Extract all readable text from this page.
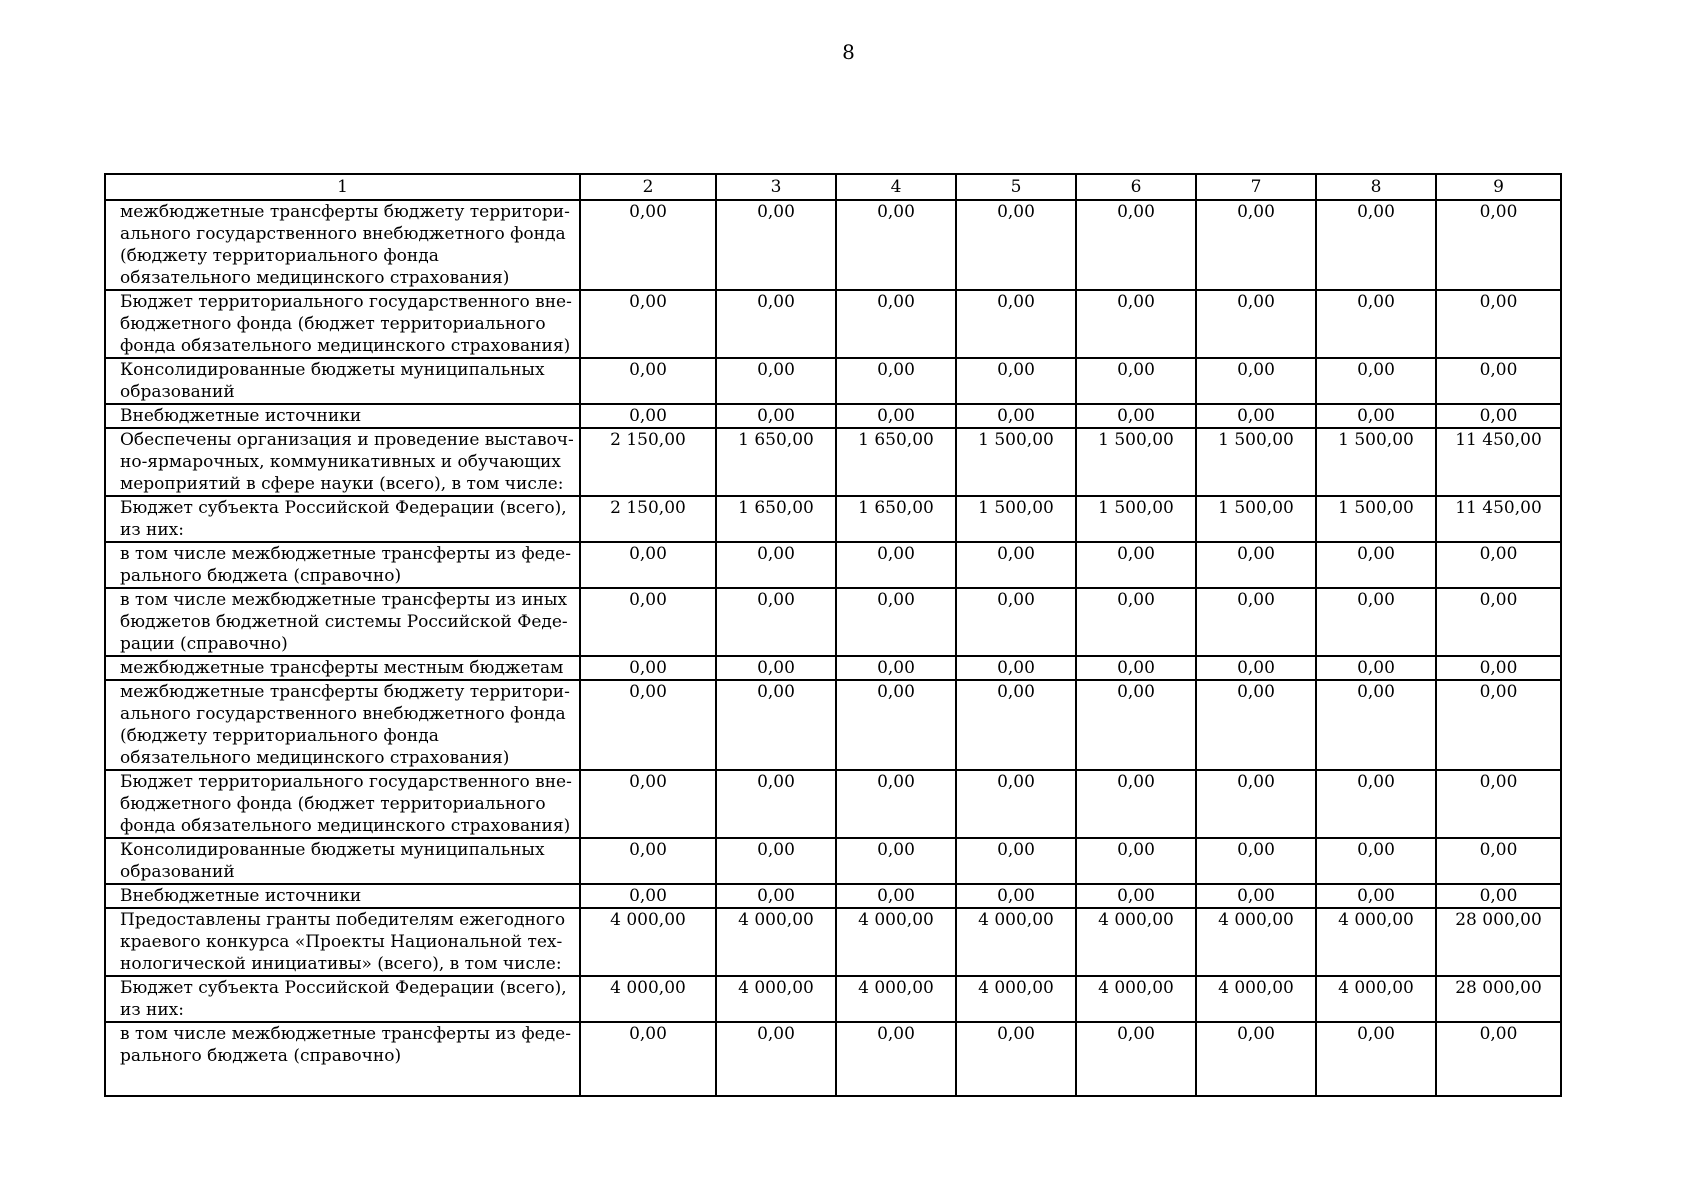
8
1	2	3	4	5	6	7	8	9
межбюджетные трансферты бюджету территори-ального государственного внебюджетного фонда (бюджету территориального фонда обязательного медицинского страхования)	0,00	0,00	0,00	0,00	0,00	0,00	0,00	0,00
Бюджет территориального государственного вне-бюджетного фонда (бюджет территориального фонда обязательного медицинского страхования)	0,00	0,00	0,00	0,00	0,00	0,00	0,00	0,00
Консолидированные бюджеты муниципальных образований	0,00	0,00	0,00	0,00	0,00	0,00	0,00	0,00
Внебюджетные источники	0,00	0,00	0,00	0,00	0,00	0,00	0,00	0,00
Обеспечены организация и проведение выставоч-но-ярмарочных, коммуникативных и обучающих мероприятий в сфере науки (всего), в том числе:	2 150,00	1 650,00	1 650,00	1 500,00	1 500,00	1 500,00	1 500,00	11 450,00
Бюджет субъекта Российской Федерации (всего), из них:	2 150,00	1 650,00	1 650,00	1 500,00	1 500,00	1 500,00	1 500,00	11 450,00
в том числе межбюджетные трансферты из феде-рального бюджета (справочно)	0,00	0,00	0,00	0,00	0,00	0,00	0,00	0,00
в том числе межбюджетные трансферты из иных бюджетов бюджетной системы Российской Феде-рации (справочно)	0,00	0,00	0,00	0,00	0,00	0,00	0,00	0,00
межбюджетные трансферты местным бюджетам	0,00	0,00	0,00	0,00	0,00	0,00	0,00	0,00
межбюджетные трансферты бюджету территори-ального государственного внебюджетного фонда (бюджету территориального фонда обязательного медицинского страхования)	0,00	0,00	0,00	0,00	0,00	0,00	0,00	0,00
Бюджет территориального государственного вне-бюджетного фонда (бюджет территориального фонда обязательного медицинского страхования)	0,00	0,00	0,00	0,00	0,00	0,00	0,00	0,00
Консолидированные бюджеты муниципальных образований	0,00	0,00	0,00	0,00	0,00	0,00	0,00	0,00
Внебюджетные источники	0,00	0,00	0,00	0,00	0,00	0,00	0,00	0,00
Предоставлены гранты победителям ежегодного краевого конкурса «Проекты Национальной тех-нологической инициативы» (всего), в том числе:	4 000,00	4 000,00	4 000,00	4 000,00	4 000,00	4 000,00	4 000,00	28 000,00
Бюджет субъекта Российской Федерации (всего), из них:	4 000,00	4 000,00	4 000,00	4 000,00	4 000,00	4 000,00	4 000,00	28 000,00
в том числе межбюджетные трансферты из феде-рального бюджета (справочно)	0,00	0,00	0,00	0,00	0,00	0,00	0,00	0,00
